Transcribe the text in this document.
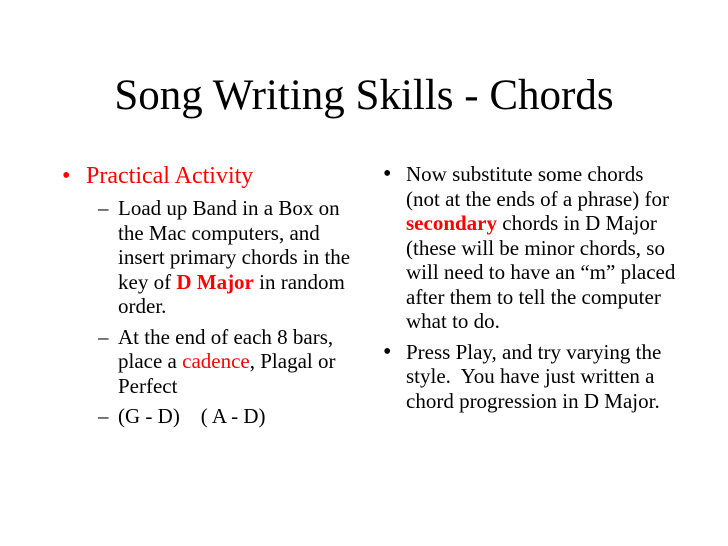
Song Writing Skills - Chords
• Practical Activity
– Load up Band in a Box on the Mac computers, and insert primary chords in the key of D Major in random order.
– At the end of each 8 bars, place a cadence, Plagal or Perfect
– (G - D)    ( A - D)
• Now substitute some chords (not at the ends of a phrase) for secondary chords in D Major (these will be minor chords, so will need to have an “m” placed after them to tell the computer what to do.
• Press Play, and try varying the style.  You have just written a chord progression in D Major.
